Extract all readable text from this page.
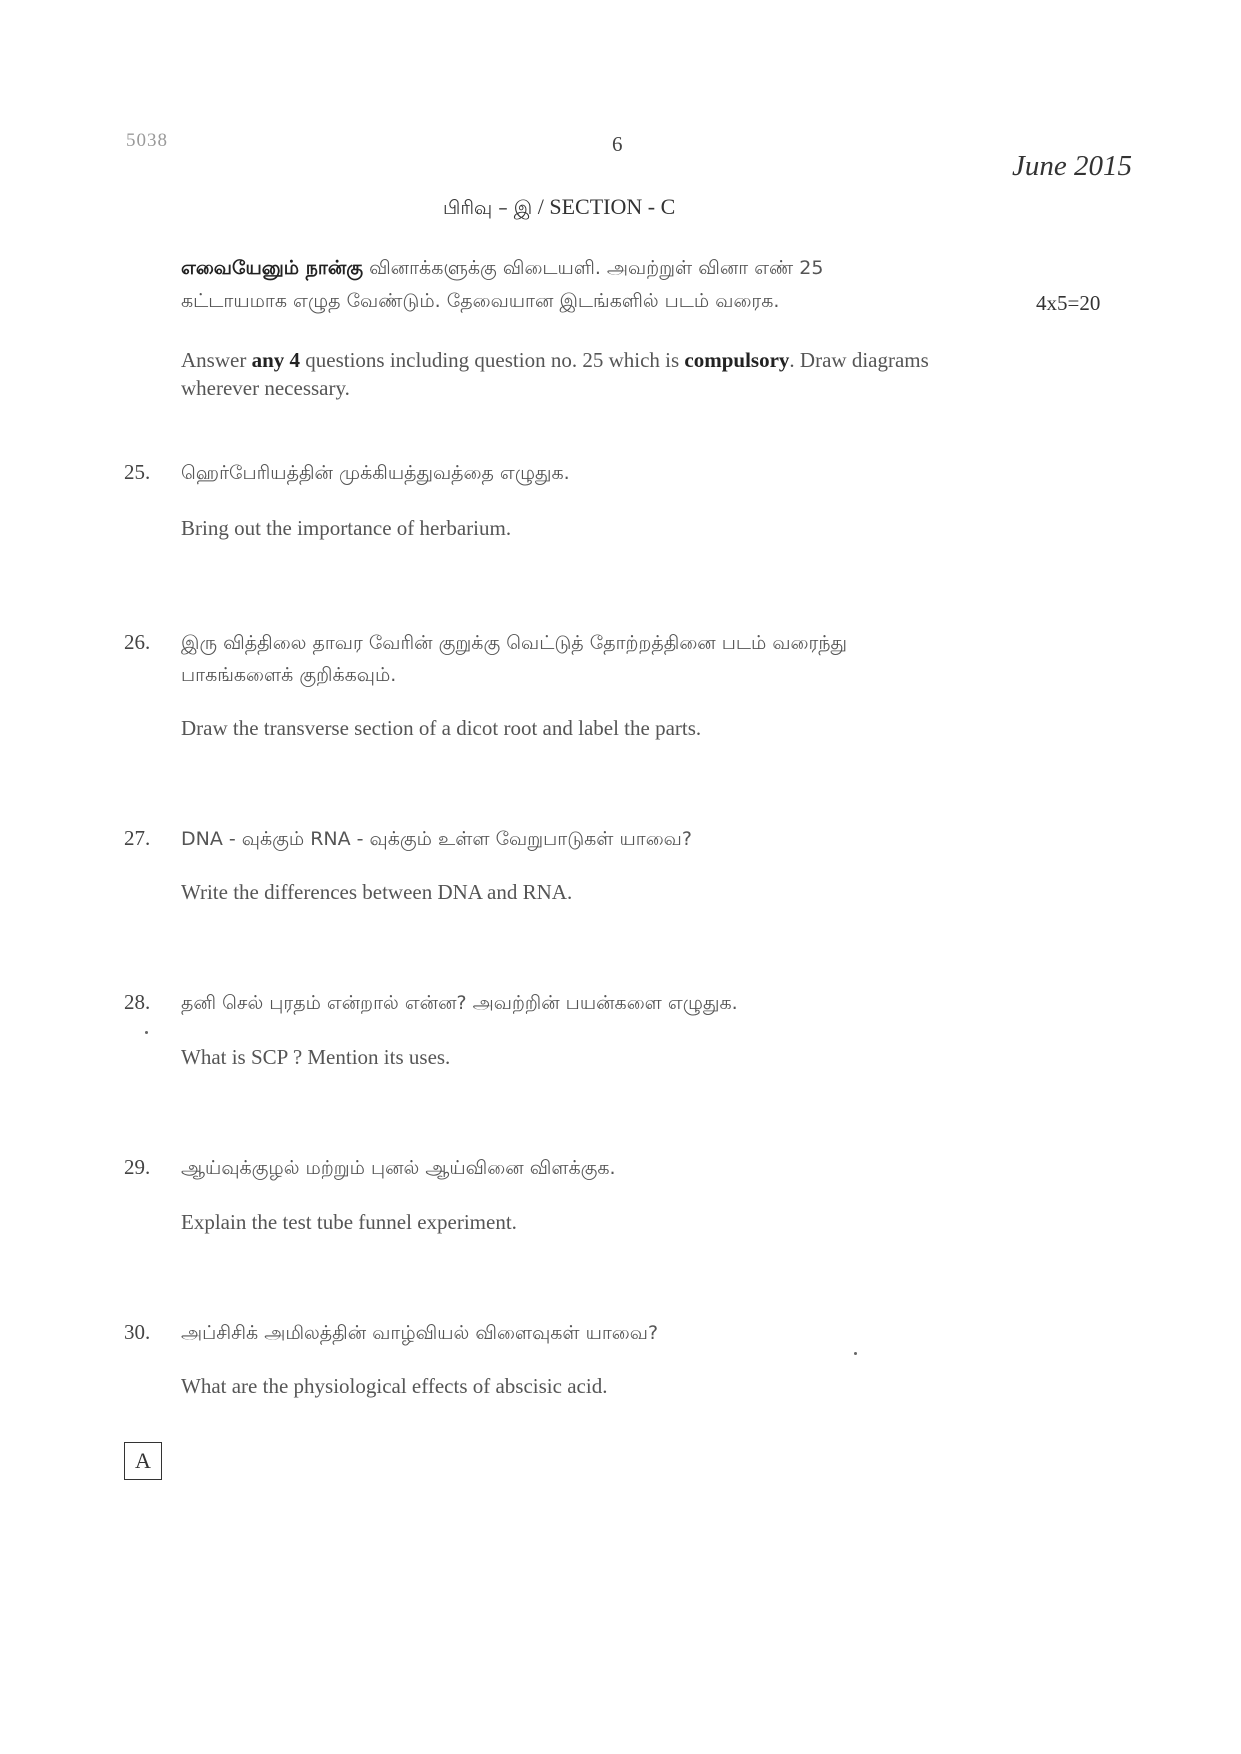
5038	6
June 2015
பிரிவு – இ / SECTION - C
எவையேனும் நான்கு வினாக்களுக்கு விடையளி. அவற்றுள் வினா எண் 25
கட்டாயமாக எழுத வேண்டும். தேவையான இடங்களில் படம் வரைக.	4x5=20
Answer any 4 questions including question no. 25 which is compulsory. Draw diagrams
wherever necessary.
25. ஹெர்பேரியத்தின் முக்கியத்துவத்தை எழுதுக.
Bring out the importance of herbarium.
26. இரு வித்திலை தாவர வேரின் குறுக்கு வெட்டுத் தோற்றத்தினை படம் வரைந்து
பாகங்களைக் குறிக்கவும்.
Draw the transverse section of a dicot root and label the parts.
27. DNA - வுக்கும் RNA - வுக்கும் உள்ள வேறுபாடுகள் யாவை?
Write the differences between DNA and RNA.
28. தனி செல் புரதம் என்றால் என்ன? அவற்றின் பயன்களை எழுதுக.
What is SCP ? Mention its uses.
29. ஆய்வுக்குழல் மற்றும் புனல் ஆய்வினை விளக்குக.
Explain the test tube funnel experiment.
30. அப்சிசிக் அமிலத்தின் வாழ்வியல் விளைவுகள் யாவை?
What are the physiological effects of abscisic acid.
A
